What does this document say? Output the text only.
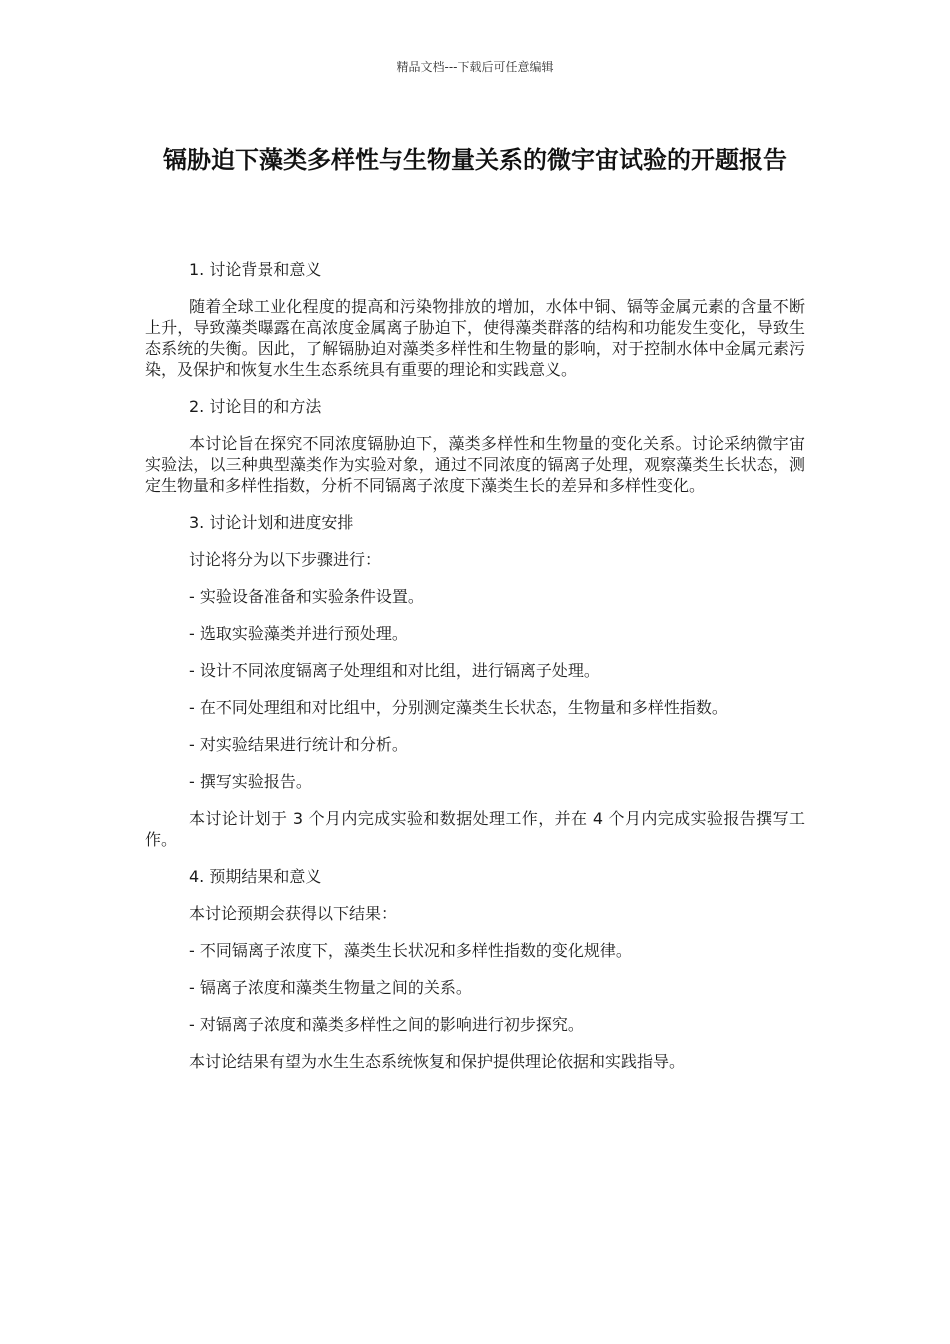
精品文档---下载后可任意编辑
镉胁迫下藻类多样性与生物量关系的微宇宙试验的开题报告

1. 讨论背景和意义

随着全球工业化程度的提高和污染物排放的增加，水体中铜、镉等金属元素的含量不断上升，导致藻类曝露在高浓度金属离子胁迫下，使得藻类群落的结构和功能发生变化，导致生态系统的失衡。因此，了解镉胁迫对藻类多样性和生物量的影响，对于控制水体中金属元素污染，及保护和恢复水生生态系统具有重要的理论和实践意义。

2. 讨论目的和方法

本讨论旨在探究不同浓度镉胁迫下，藻类多样性和生物量的变化关系。讨论采纳微宇宙实验法，以三种典型藻类作为实验对象，通过不同浓度的镉离子处理，观察藻类生长状态，测定生物量和多样性指数，分析不同镉离子浓度下藻类生长的差异和多样性变化。

3. 讨论计划和进度安排

讨论将分为以下步骤进行：

- 实验设备准备和实验条件设置。

- 选取实验藻类并进行预处理。

- 设计不同浓度镉离子处理组和对比组，进行镉离子处理。

- 在不同处理组和对比组中，分别测定藻类生长状态，生物量和多样性指数。

- 对实验结果进行统计和分析。

- 撰写实验报告。

本讨论计划于 3 个月内完成实验和数据处理工作，并在 4 个月内完成实验报告撰写工作。

4. 预期结果和意义

本讨论预期会获得以下结果：

- 不同镉离子浓度下，藻类生长状况和多样性指数的变化规律。

- 镉离子浓度和藻类生物量之间的关系。

- 对镉离子浓度和藻类多样性之间的影响进行初步探究。

本讨论结果有望为水生生态系统恢复和保护提供理论依据和实践指导。
